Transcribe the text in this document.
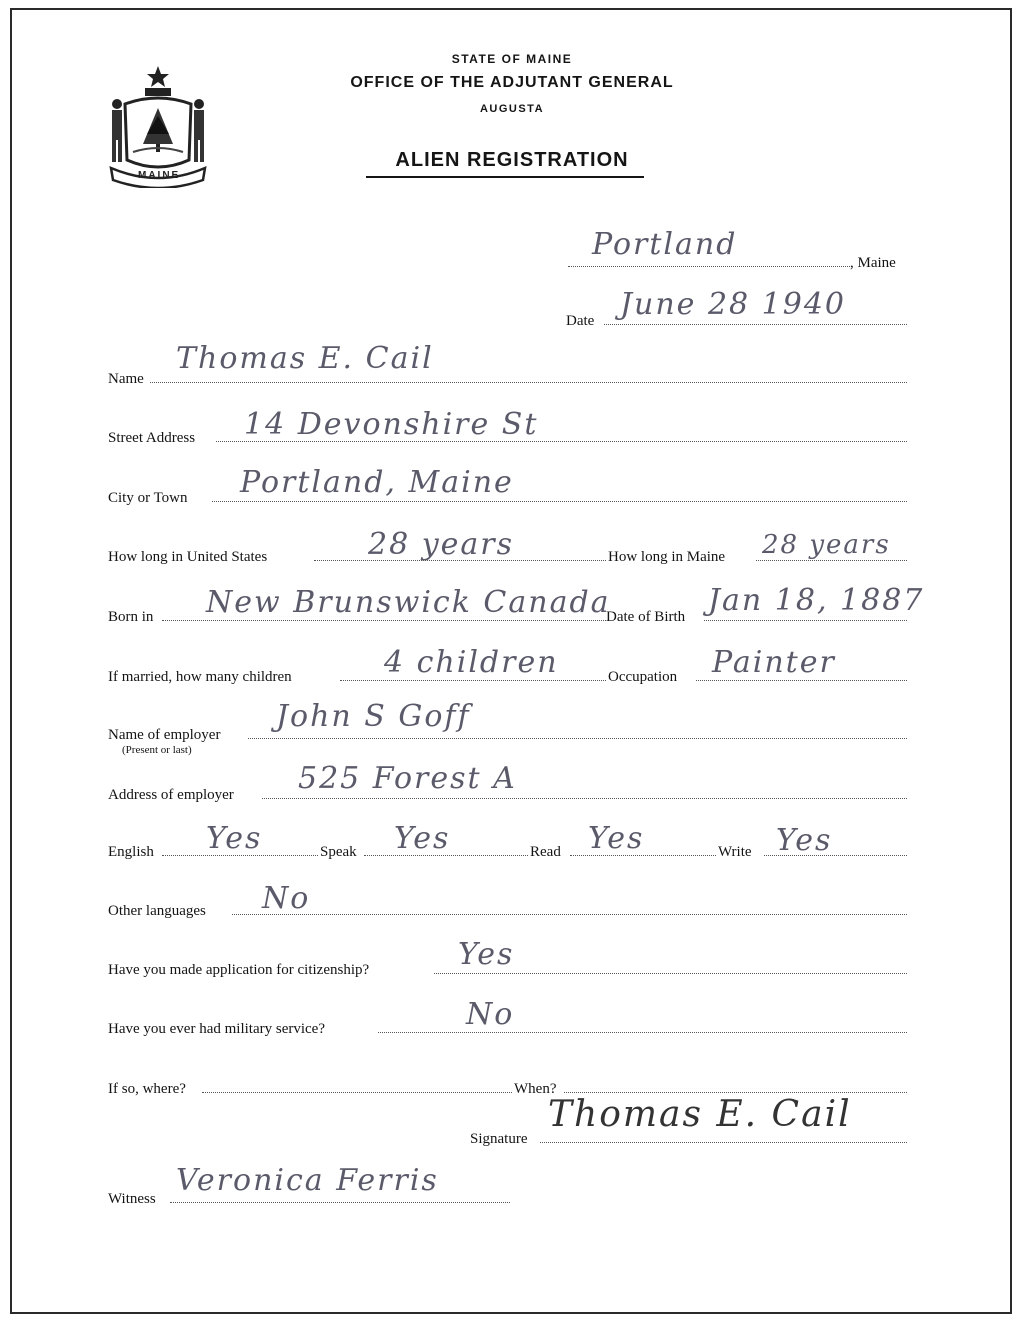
MAINE
STATE OF MAINE
OFFICE OF THE ADJUTANT GENERAL
AUGUSTA
ALIEN REGISTRATION
Portland
, Maine
Date June 28 1940
Name
Thomas E. Cail
Street Address 14 Devonshire St
City or Town Portland, Maine
How long in United States	28 years	How long in Maine 28 years
Born in New Brunswick Canada
Date of Birth Jan 18, 1887
If married, how many children	4 children	Occupation Painter
Name of employer
(Present or last)
John S Goff
Address of employer 525 Forest A
English Yes	Speak Yes	Read Yes	Write Yes
Other languages No
Have you made application for citizenship?	Yes
Have you ever had military service?	No
If so, where?	When?
Signature
Thomas E. Cail
Witness
Veronica Ferris
